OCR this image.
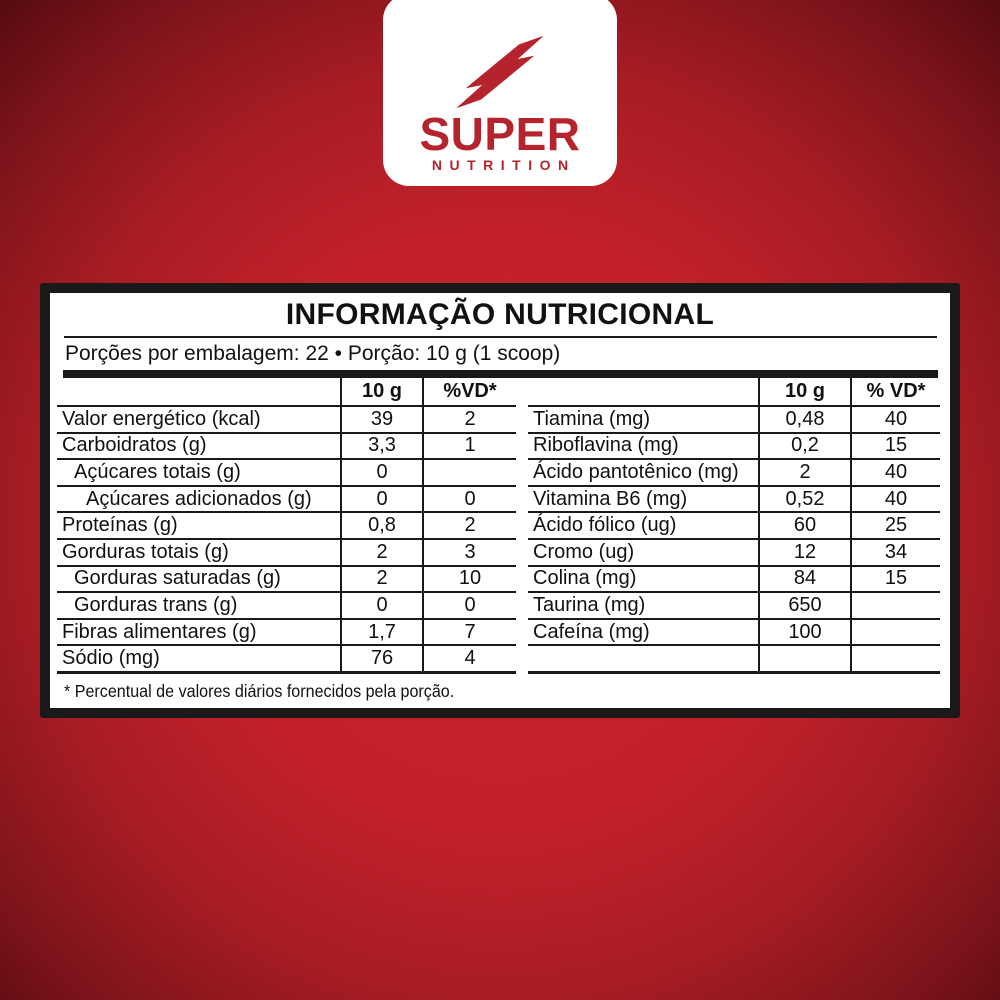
SUPER
NUTRITION
INFORMAÇÃO NUTRICIONAL
Porções por embalagem: 22 • Porção: 10 g (1 scoop)
10 g	%VD*
Valor energético (kcal)	39	2
Carboidratos (g)	3,3	1
Açúcares totais (g)	0
Açúcares adicionados (g)	0	0
Proteínas (g)	0,8	2
Gorduras totais (g)	2	3
Gorduras saturadas (g)	2	10
Gorduras trans (g)	0	0
Fibras alimentares (g)	1,7	7
Sódio (mg)	76	4
10 g	% VD*
Tiamina (mg)	0,48	40
Riboflavina (mg)	0,2	15
Ácido pantotênico (mg)	2	40
Vitamina B6 (mg)	0,52	40
Ácido fólico (ug)	60	25
Cromo (ug)	12	34
Colina (mg)	84	15
Taurina (mg)	650
Cafeína (mg)	100
* Percentual de valores diários fornecidos pela porção.
